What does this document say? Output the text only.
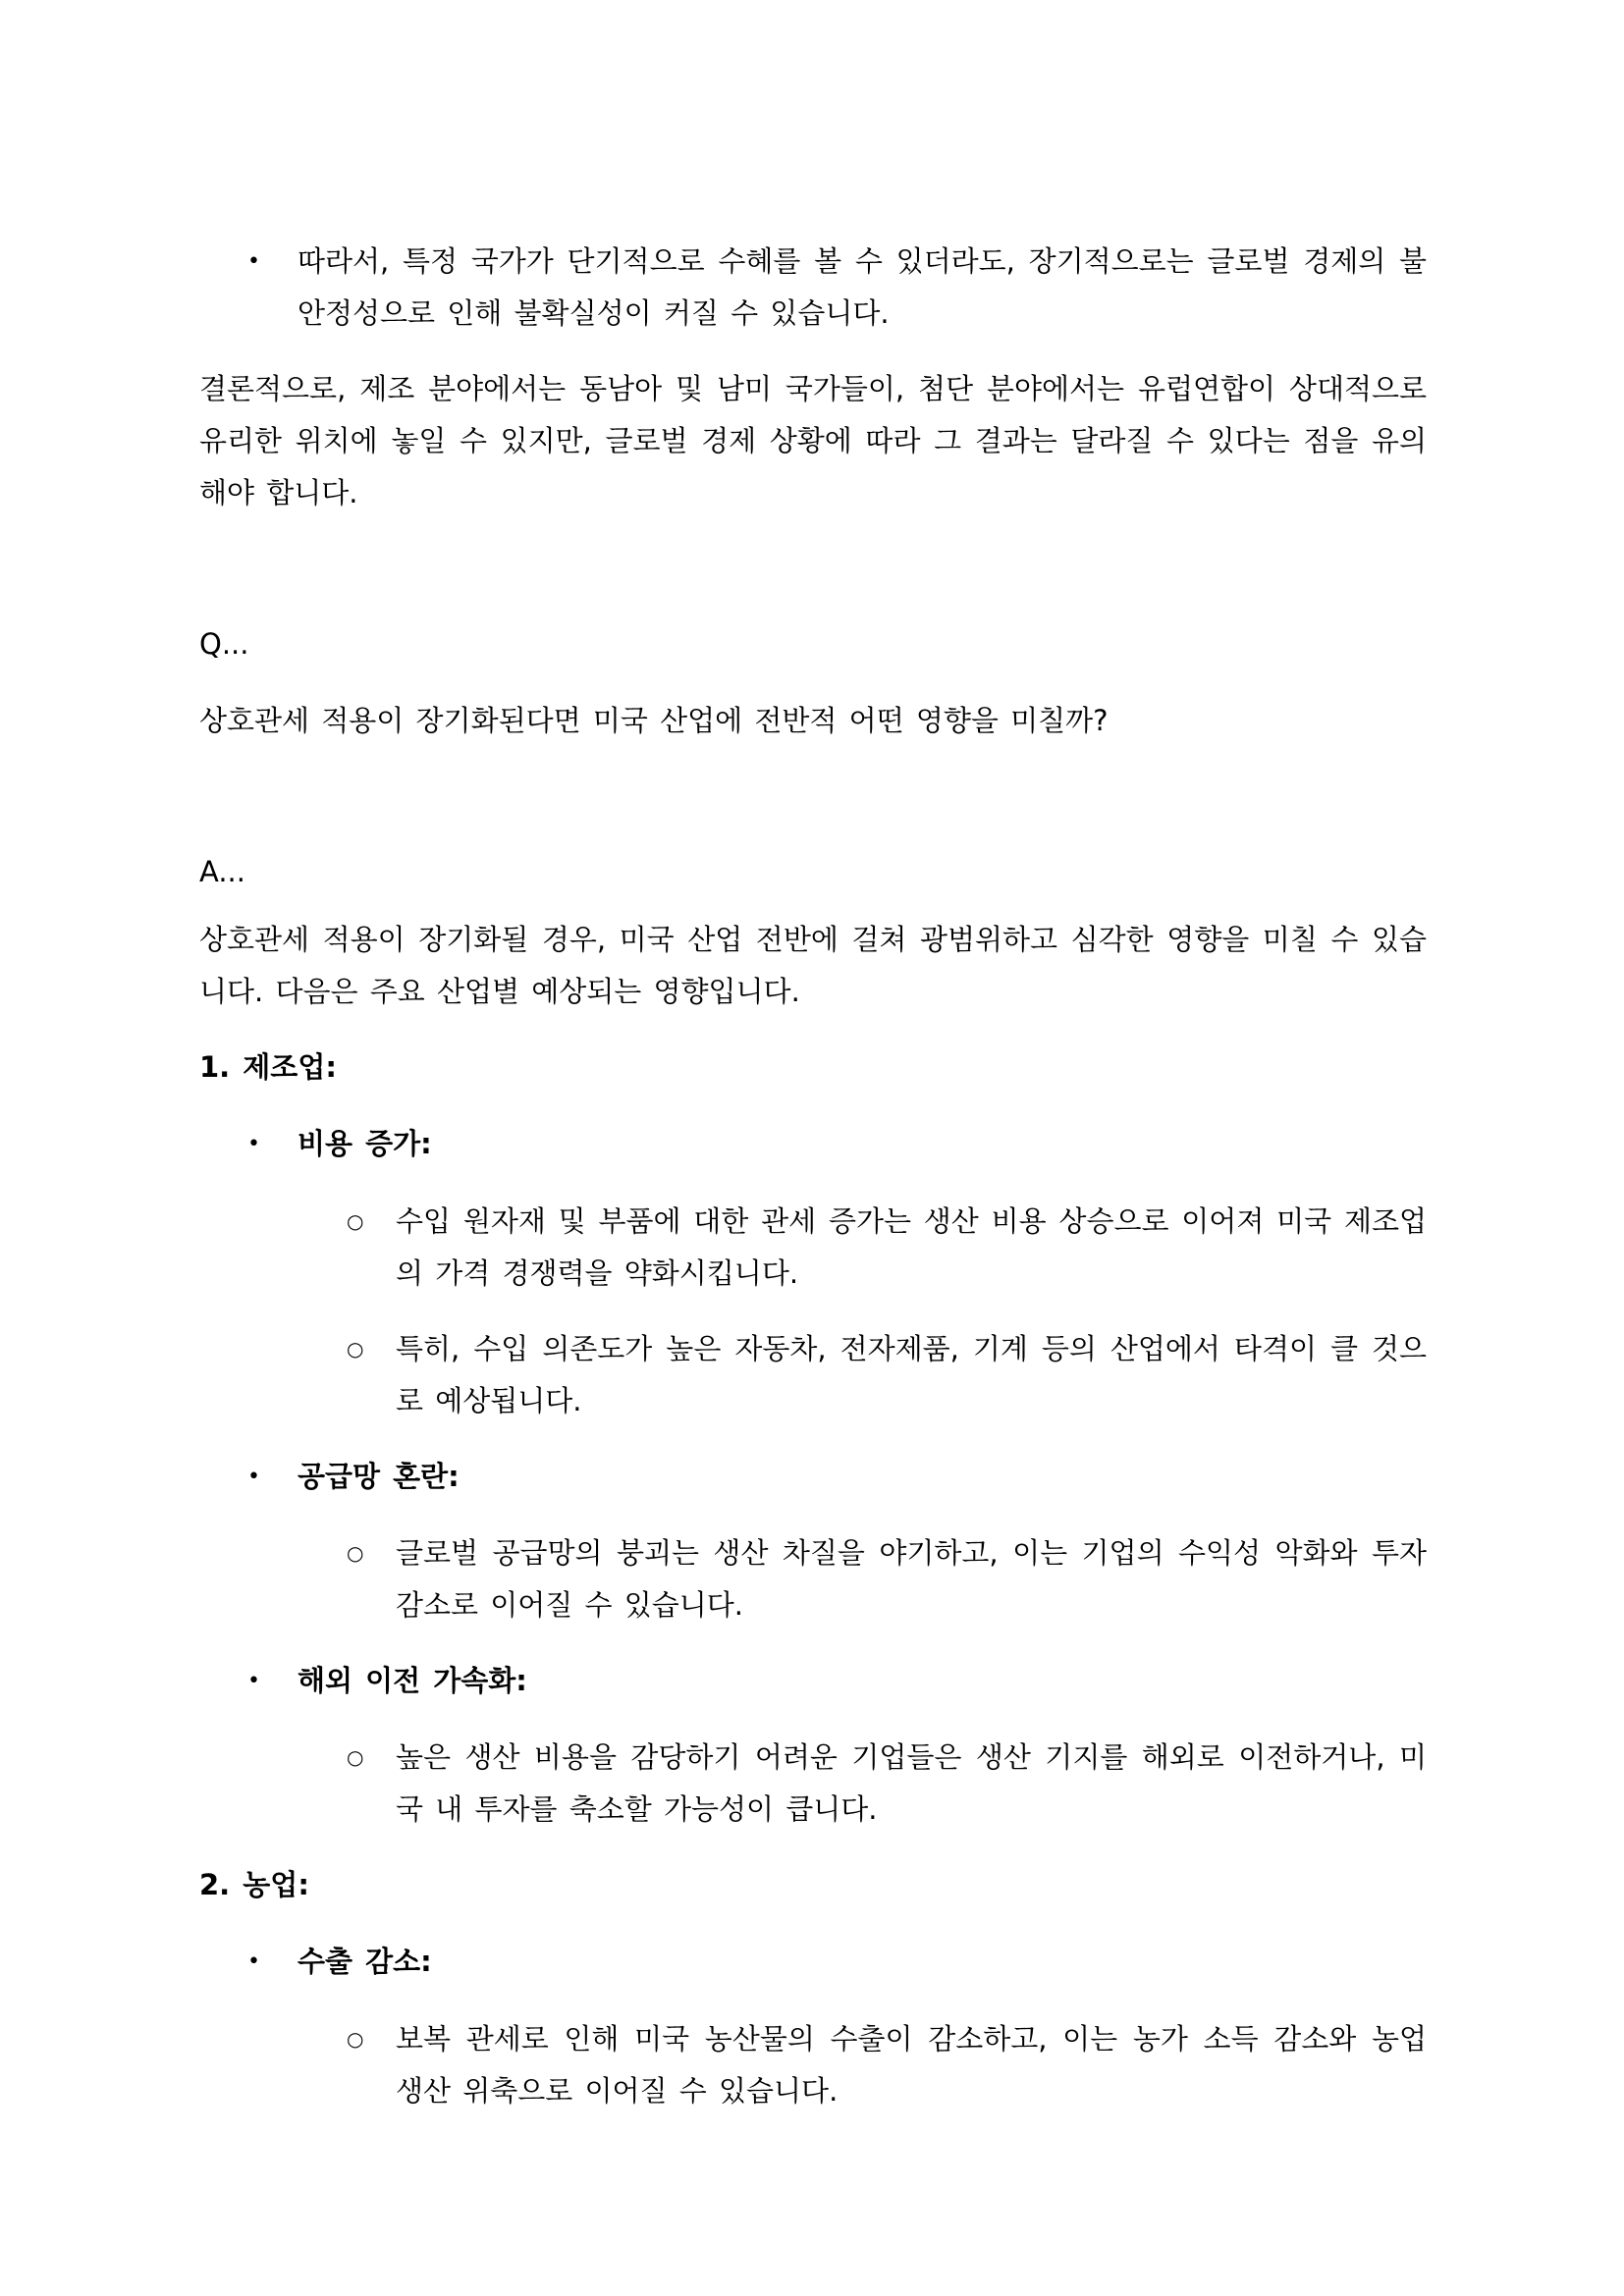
• 따라서, 특정 국가가 단기적으로 수혜를 볼 수 있더라도, 장기적으로는 글로벌 경제의 불안정성으로 인해 불확실성이 커질 수 있습니다.

결론적으로, 제조 분야에서는 동남아 및 남미 국가들이, 첨단 분야에서는 유럽연합이 상대적으로 유리한 위치에 놓일 수 있지만, 글로벌 경제 상황에 따라 그 결과는 달라질 수 있다는 점을 유의해야 합니다.

Q...

상호관세 적용이 장기화된다면 미국 산업에 전반적 어떤 영향을 미칠까?

A...

상호관세 적용이 장기화될 경우, 미국 산업 전반에 걸쳐 광범위하고 심각한 영향을 미칠 수 있습니다. 다음은 주요 산업별 예상되는 영향입니다.

1. 제조업:

• 비용 증가:

○ 수입 원자재 및 부품에 대한 관세 증가는 생산 비용 상승으로 이어져 미국 제조업의 가격 경쟁력을 약화시킵니다.

○ 특히, 수입 의존도가 높은 자동차, 전자제품, 기계 등의 산업에서 타격이 클 것으로 예상됩니다.

• 공급망 혼란:

○ 글로벌 공급망의 붕괴는 생산 차질을 야기하고, 이는 기업의 수익성 악화와 투자 감소로 이어질 수 있습니다.

• 해외 이전 가속화:

○ 높은 생산 비용을 감당하기 어려운 기업들은 생산 기지를 해외로 이전하거나, 미국 내 투자를 축소할 가능성이 큽니다.

2. 농업:

• 수출 감소:

○ 보복 관세로 인해 미국 농산물의 수출이 감소하고, 이는 농가 소득 감소와 농업 생산 위축으로 이어질 수 있습니다.
